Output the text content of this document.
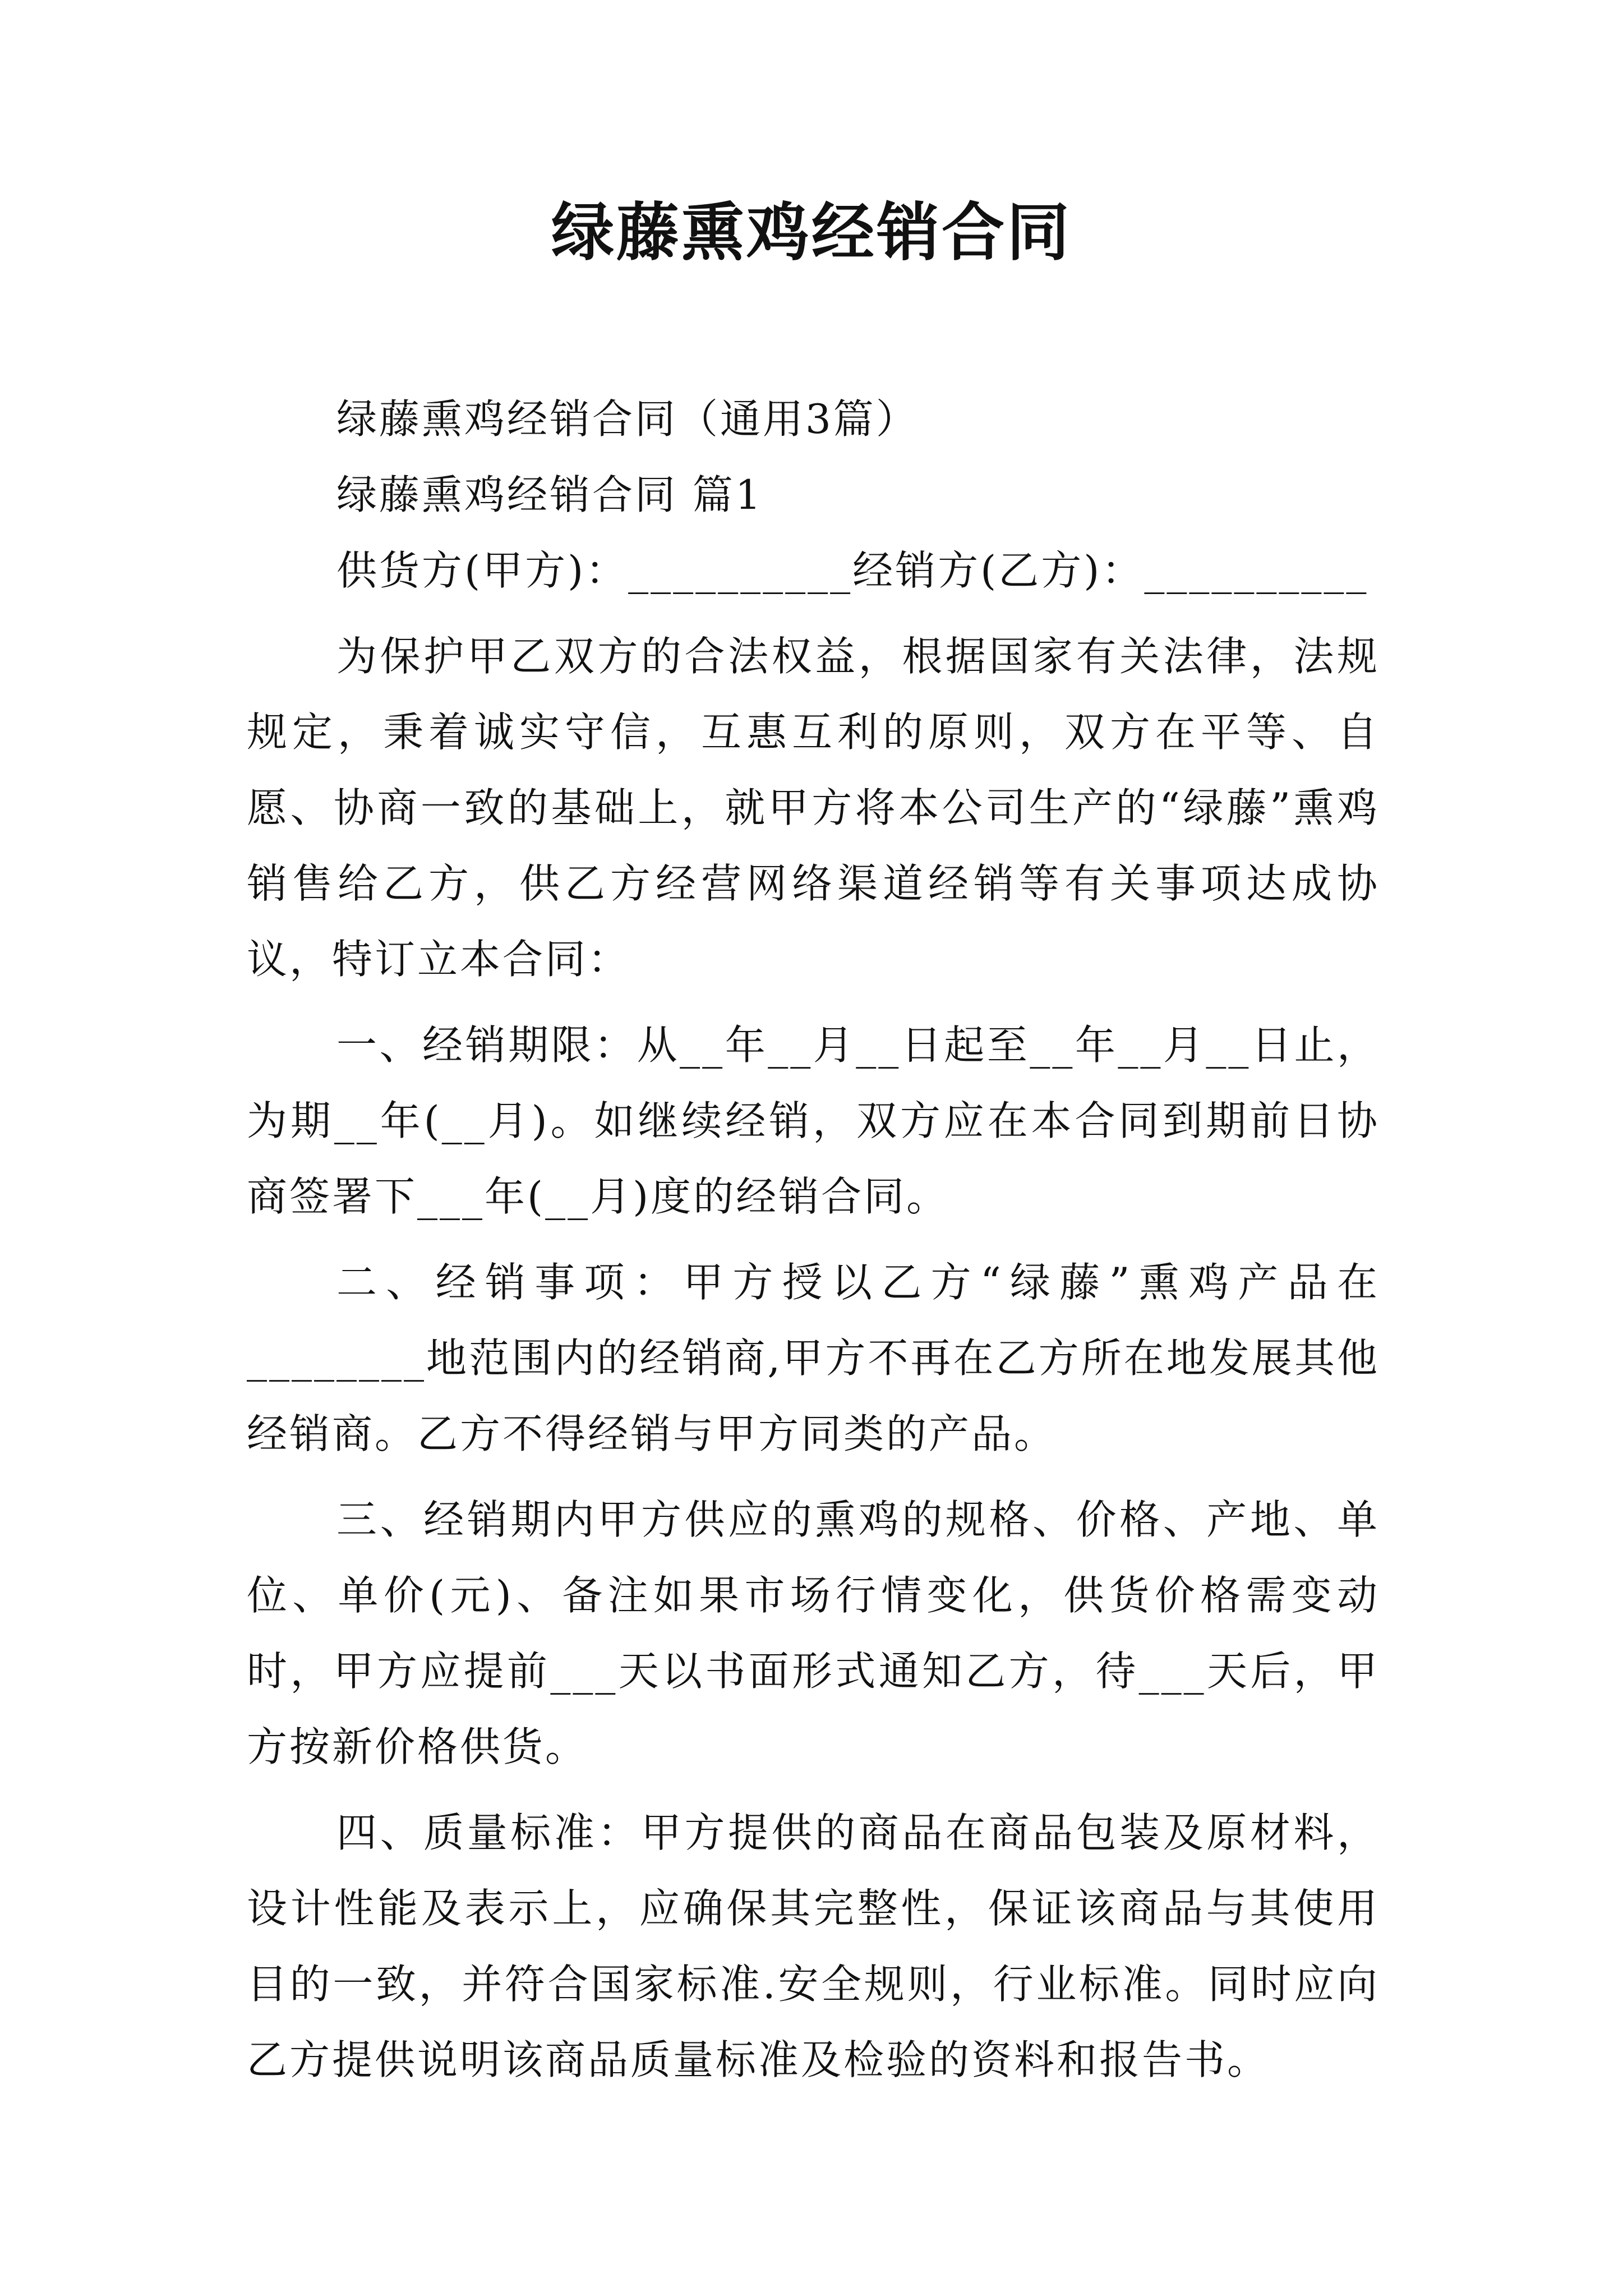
绿藤熏鸡经销合同
绿藤熏鸡经销合同（通用3篇）
绿藤熏鸡经销合同 篇1
供货方(甲方)：__________经销方(乙方)：__________
为保护甲乙双方的合法权益，根据国家有关法律，法规规定，秉着诚实守信，互惠互利的原则，双方在平等、自愿、协商一致的基础上，就甲方将本公司生产的“绿藤”熏鸡销售给乙方，供乙方经营网络渠道经销等有关事项达成协议，特订立本合同：
一、经销期限：从__年__月__日起至__年__月__日止，为期__年(__月)。如继续经销，双方应在本合同到期前日协商签署下___年(__月)度的经销合同。
二、经销事项：甲方授以乙方“绿藤”熏鸡产品在________地范围内的经销商,甲方不再在乙方所在地发展其他经销商。乙方不得经销与甲方同类的产品。
三、经销期内甲方供应的熏鸡的规格、价格、产地、单位、单价(元)、备注如果市场行情变化，供货价格需变动时，甲方应提前___天以书面形式通知乙方，待___天后，甲方按新价格供货。
四、质量标准：甲方提供的商品在商品包装及原材料，设计性能及表示上，应确保其完整性，保证该商品与其使用目的一致，并符合国家标准.安全规则，行业标准。同时应向乙方提供说明该商品质量标准及检验的资料和报告书。
